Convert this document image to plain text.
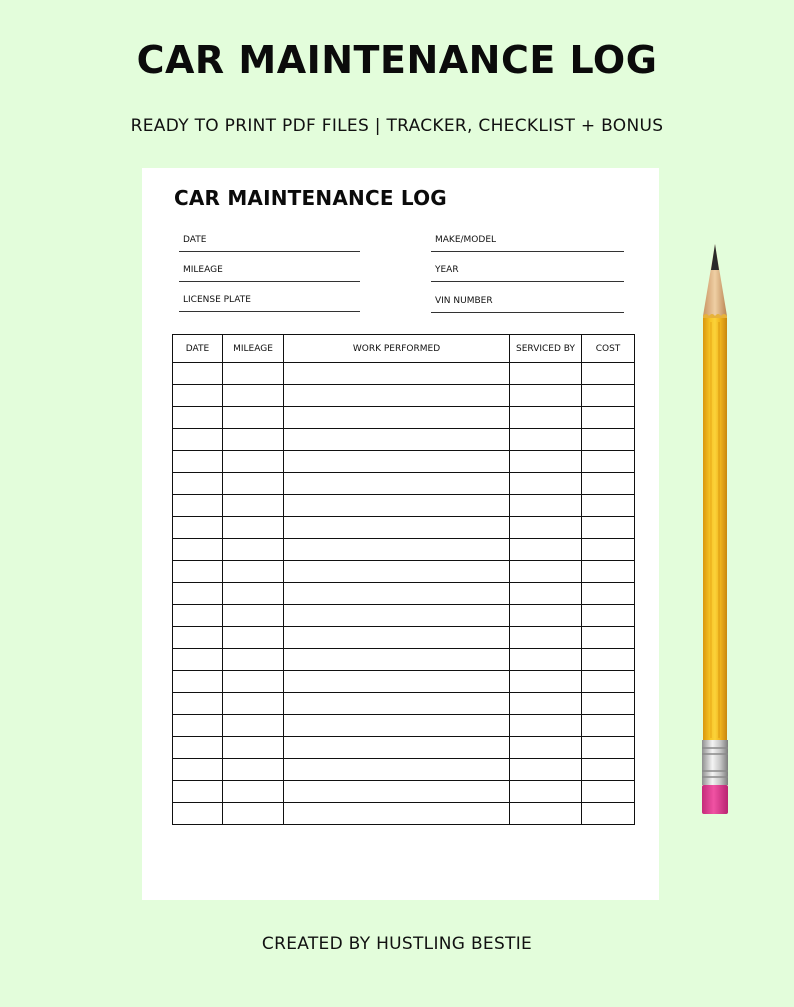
CAR MAINTENANCE LOG
READY TO PRINT PDF FILES | TRACKER, CHECKLIST + BONUS
CAR MAINTENANCE LOG
DATE
MILEAGE
LICENSE PLATE
MAKE/MODEL
YEAR
VIN NUMBER
DATE	MILEAGE	WORK PERFORMED	SERVICED BY	COST

CREATED BY HUSTLING BESTIE
